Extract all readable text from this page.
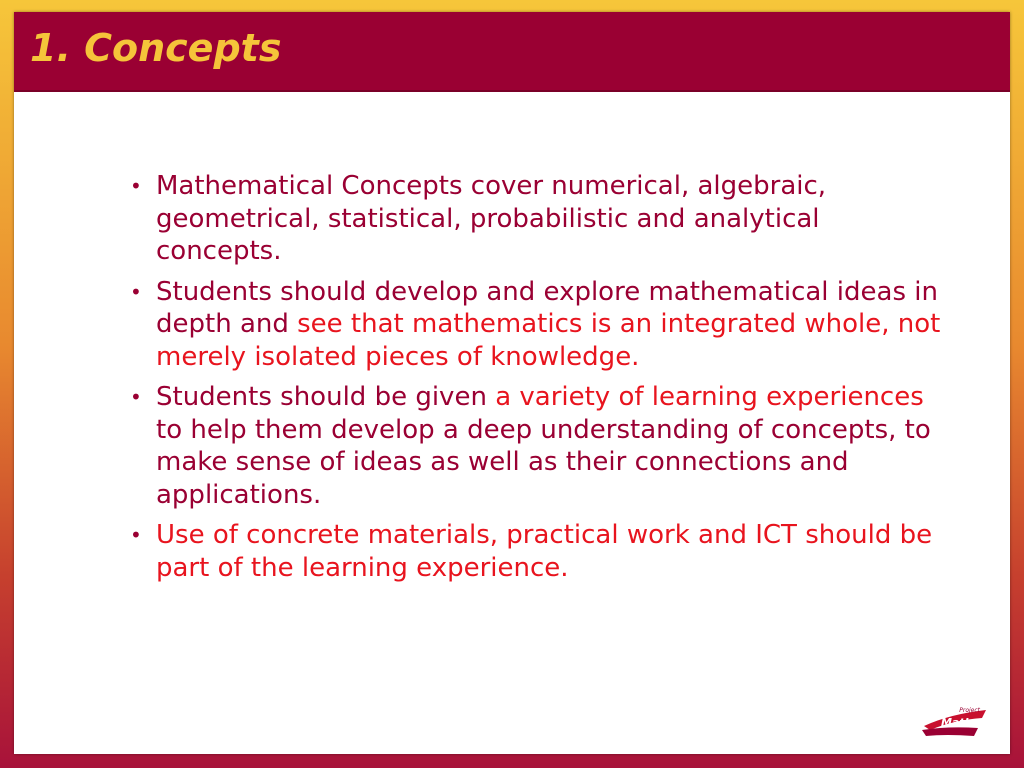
1. Concepts
• Mathematical Concepts cover numerical, algebraic, geometrical, statistical, probabilistic and analytical concepts.
• Students should develop and explore mathematical ideas in depth and see that mathematics is an integrated whole, not merely isolated pieces of knowledge.
• Students should be given a variety of learning experiences to help them develop a deep understanding of concepts, to make sense of ideas as well as their connections and applications.
• Use of concrete materials, practical work and ICT should be part of the learning experience.
Project
Maths
